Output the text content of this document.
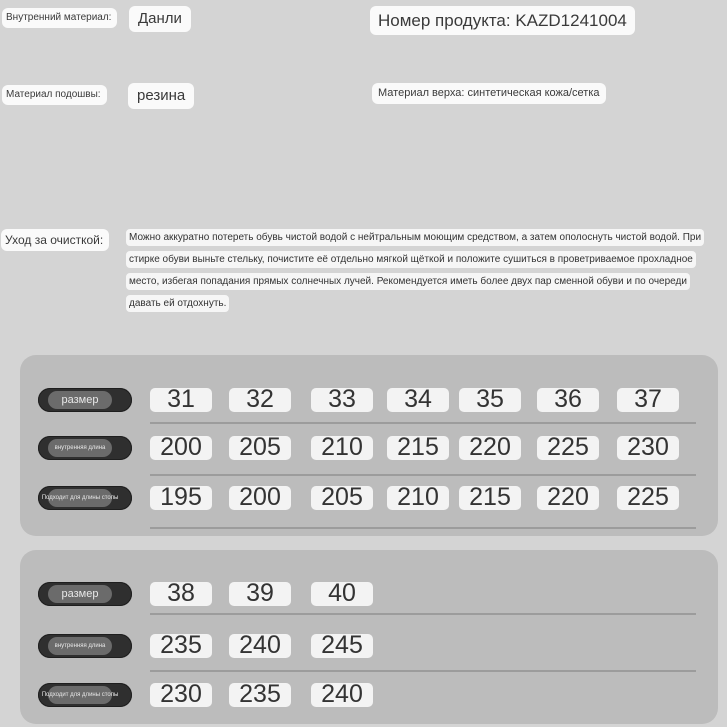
Внутренний материал:	Данли	Номер продукта: KAZD1241004
Материал подошвы:	резина	Материал верха: синтетическая кожа/сетка
Уход за очисткой:	Можно аккуратно потереть обувь чистой водой с нейтральным моющим средством, а затем ополоснуть чистой водой. При стирке обуви выньте стельку, почистите её отдельно мягкой щёткой и положите сушиться в проветриваемое прохладное место, избегая попадания прямых солнечных лучей. Рекомендуется иметь более двух пар сменной обуви и по очереди давать ей отдохнуть.
размер	31 32 33 34 35 36 37
внутренняя длина 200 205 210 215 220 225 230
Подходит для длины стопы 195 200 205 210 215 220 225
размер	38 39 40
внутренняя длина 235 240 245
Подходит для длины стопы 230 235 240
